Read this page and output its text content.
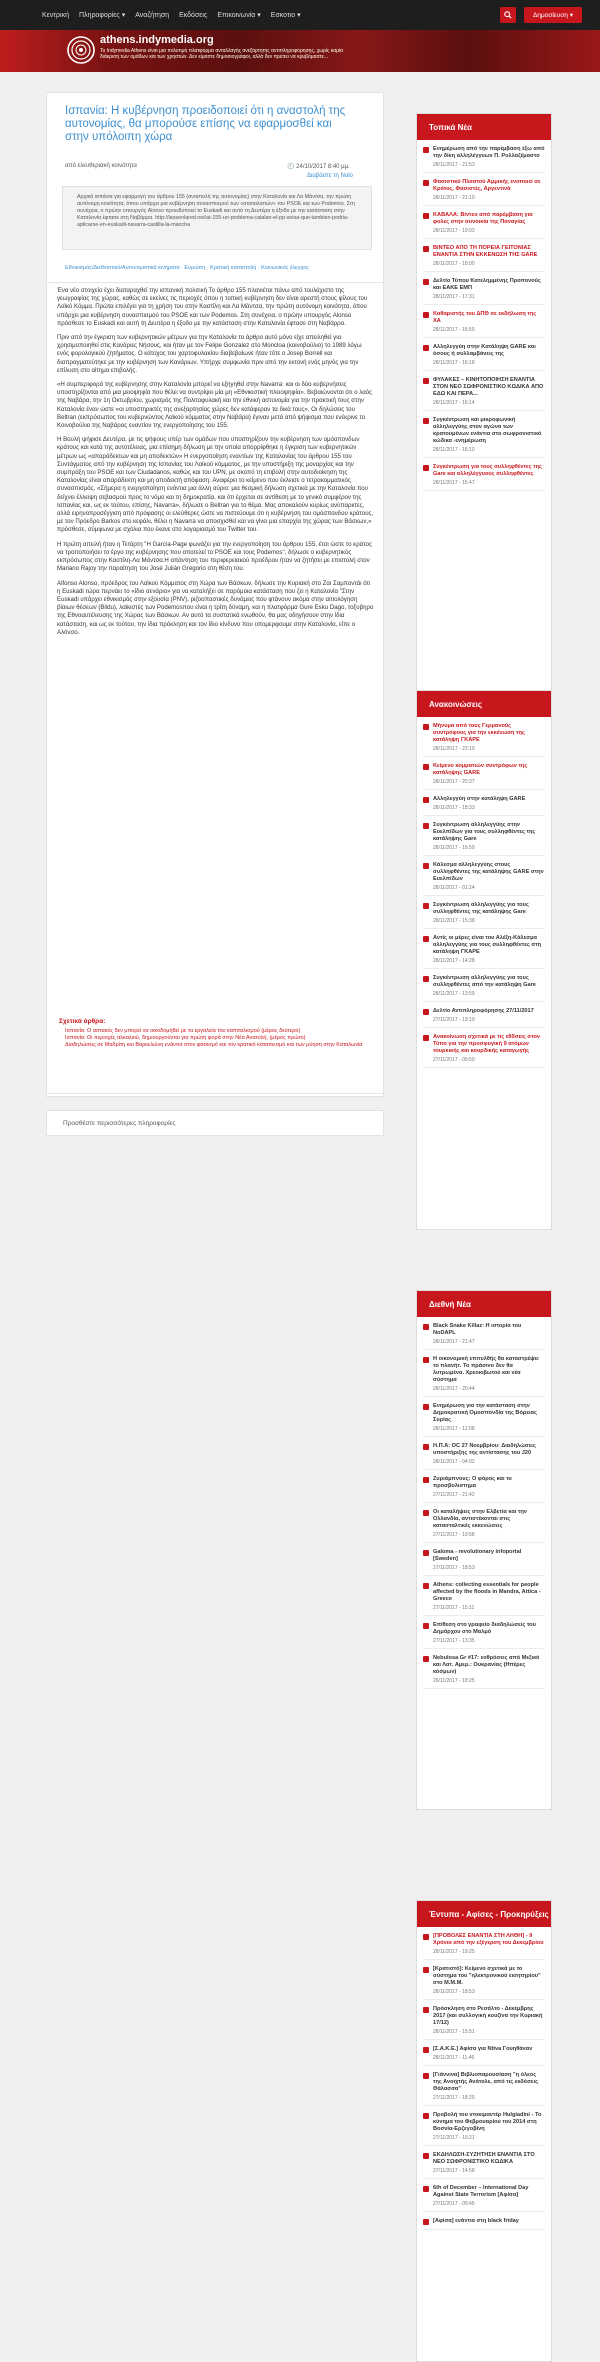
Κεντρική Πληροφορίες ▾ Αναζήτηση Εκδόσεις Επικοινωνία ▾ Εσκοτιο ▾	Δημοσίευση ▾
athens.indymedia.org
Το Indymedia Athens είναι μια πολυτιμή πλατφόρμα ανταλλαγής ανεξάρτητης αντιπληροφόρησης, χωρίς καμία διάκριση των ομάδων και των χρηστών. Δεν είμαστε δημοσιογράφοι, αλλά δεν πρέπει να κρυβόμαστε...
Ισπανία: Η κυβέρνηση προειδοποιεί ότι η αναστολή της αυτονομίας, θα μπορούσε επίσης να εφαρμοσθεί και στην υπόλοιπη χώρα
από ελευθεριακή κοινότητα	🕘 24/10/2017 8:40 μμ.
Διαβάστε τη Νοίο
Αρχικά ισπάνια για εφαρμογή του άρθρου 155 (αναστολή της αυτονομίας) στην Καταλονία και Λα Μάντσα, την πρώτη αυτόνομη κοινότητα, όπου υπάρχει μια κυβέρνηση συνασπισμού των «σοσιαλιστών» του PSOE και των Podemos. Στη συνέχεια, ο πρώην υπουργός Alonso προειδοποιεί το Euskadi και αυτό τη Δευτέρα η έξοδο με την κατάσταση στην Καταλονία έφτασε στη Ναβάρρα. http://laosenlared.net/at-155-un-problema-catalan-el-pp-avisa-que-tambien-podria-aplicarse-en-euskadi-navarra-castilla-la-mancha
Εθνικισμός/Διεθνιστικό/Αυτονομιστικά κινήματα · Ευρώπη · Κρατική καταστολή · Κοινωνικός έλεγχος

Ένα νέο στοιχείο έχει διαταραχθεί την ισπανική πολιτική Το άρθρο 155 πλανιέται πάνω από τουλάχιστο της γεωγραφίας της χώρας, καθώς σε εκείνες τις περιοχές όπου η τοπική κυβέρνηση δεν είναι αρεστή στους φίλους του Λαϊκό Κόμμα. Πρώτα επιλέγει για τη χρήση του στην Καστίλη και Λα Μάντσα, την πρώτη αυτόνομη κοινότητα, όπου υπάρχει μια κυβέρνηση συνασπισμού του PSOE και των Podemos. Στη συνέχεια, ο πρώην υπουργός Alonso πρόσθεσε το Euskadi και αυτή τη Δευτέρα η έξοδο με την κατάσταση στην Καταλονία έφτασε στη Ναβάρρα.

Πριν από την έγκριση των κυβερνητικών μέτρων για την Καταλονία το άρθρο αυτό μόνο είχε απειληθεί για χρησιμοποιηθεί στις Κανάριες Νήσους, και ήταν με τον Felipe Gonzalez στο Moncloa (κοινοβούλιο) το 1989 λόγω ενός φορολογικού ζητήματος. Ο κάτοχος του χαρτοφυλακίου διαβεβαίωνε ήταν τότε ο Josep Borrell και διαπραγματεύτηκε με την κυβέρνηση των Κανάριων. Υπήρχε συμφωνία πριν από την εκτονή ενός μηνός για την επίλυση στο αίτημα επιβολής.

«Η συμπεριφορά της κυβέρνησης στην Καταλονία μπορεί να εξηγηθεί στην Navarra: και οι δύο κυβερνήσεις υποστηρίζονται από μια μειοψηφία που θέλει να συντρίψει μία μη «Εθνικιστική πλειοψηφία». Βεβαιώνονται ότι ο λαός της Ναβάρα, την 1η Οκτωβρίου, χωρισμός της Πολιτοφυλακή και την εθνική αστυνομία για την πρακτική τους στην Καταλονία έναν ώστε «οι υποστηρικτές της ανεξαρτησίας χώρες δεν κατάφεραν τα δικά τους». Οι δηλώσεις του Beltran (εκπρόσωπος του κυβερνώντος Λαϊκού κόμματος στην Ναβάρα) έγιναν μετά από ψήφισμα που ενέκρινε το Κοινοβούλιο της Ναβάρας εναντίον της ενεργοποίησης του 155.

Η Βουλή ψήφισε Δευτέρα, με τις ψήφους υπέρ των ομάδων που υποστηρίζουν την κυβέρνηση των ομόσπονδων κράτους και κατά της αυτοτέλειας, μια επίσημη δήλωση με την οποία απορρίφθηκε η έγκριση των κυβερνητικών μέτρων ως «απαράδεκτων και μη αποδεκτών» Η ενεργοποίηση εναντίων της Καταλονίας του άρθρου 155 του Συντάγματος από την κυβέρνηση της Ισπανίας του Λαϊκού κόμματος, με την υποστήριξη της μοναρχίας και την συμπράξη του PSOE και των Ciudadanos, καθώς και του UPN, με σκοπό τη επιβολή στην αυτοδιοίκηση της Καταλονίας είναι απαράδεκτη και μη αποδεκτή απόφαση. Αναφέρει το κείμενο που έκλεισε ο τετρακομματικός συνασπισμός. «Σήμερα η ενεργοποίηση ενάντια μια άλλη αύριο: μια θεσμική δήλωση σχετικά με την Καταλονία που δείχνει έλλειψη σεβασμού προς το νόμο και τη δημοκρατία, και ότι έρχεται σε αντίθεση με το γενικό συμφέρον της Ισπανίας και, ως εκ τούτου, επίσης, Navarra», δήλωσε ο Beltran για το θέμα. Μας αποκαλούν κυρίως ανύπαρκτες, αλλά ειρηνοπροσέγγιση από πρόφασης οι ελεύθερες ώστε να πιστεύουμε ότι η κυβέρνηση του ομόσπονδου κράτους, με τον Πρόεδρο Barkos στο κεφάλι, θέλει η Navarra να αποσχισθεί και να γίνει μια επαρχία της χώρας των Βάσκων,» πρόσθεσε, σύμφωνα με σχόλια που έκανε στο λογαριασμό του Twitter του.

Η πρώτη απειλή ήταν η Τετάρτη "Η García-Page φωνάζει για την ενεργοποίηση του άρθρου 155, έτσι ώστε το κράτος να τροποποιήσει το έργο της κυβέρνησης που αποτελεί το PSOE και τους Podemos", δήλωσε ο κυβερνητικός εκπρόσωπος στην Καστίλη-Λα Μάντσα.Η απάντηση του περιφερειακού προέδρου ήταν να ζητήσει με επιστολή στον Mariano Rajoy την παραίτηση του José Julián Gregorio στη θέση του.

Alfonso Alonso, πρόεδρος του Λαϊκού Κόμματος στη Χώρα των Βάσκων, δήλωσε την Κυριακή στο Zαι Σαμποντάι ότι η Euskadi τώρα περνάει το «ίδιο σενάριο» για να καταλήξει σε παρόμοια κατάσταση που ζει η Καταλονία "Στην Euskadi υπάρχει εθνικισμός στην εξουσία (PNV), ριζοσπαστικές δυνάμεις που φτάνουν ακόμα στην αιτιολόγηση βίαιων θέσεων (Bildu), λαϊκιστές των Podemosπου είναι η τρίτη δύναμη, και η πλατφόρμα Gure Esku Dago, τοξυβηρο της Εθνοαυτέλευσης της Χώρας των Βάσκων. Αν αυτό τα συστατικά ενωθούν, θα μας οδηγήσουν στην ίδια κατάσταση, και ως εκ τούτου, την ίδια πρόκληση και τον ίδιο κίνδυνο που υπομερφουμε στην Καταλονία, είπε ο Αλόνσο.

Σχετικά άρθρα:
Ισπανία: Ο αστακός δεν μπορεί να οικοδομήθεί με τα εργαλεία του καπιταλισμού (μέρος δεύτερο)
Ισπανία: Οι περιοχές αλκαλιού, δημιουργούνται για πρώτη φορά στην Νέα Ανατολή, (μέρος πρώτο)
Διαδηλώσεις σε Μαδρίτη και Βαρκελώνη ενάντια στον φασισμό και τον κρατικό καταπιεσμό και των μύηση στην Καταλωνία
Προσθέστε περισσότερες πληροφορίες
Τοπικά Νέα
Ενημέρωση από την παρέμβαση έξω από την δίκη αλληλέγγυων Π. Ρολλαζέμαστο
28/11/2017 - 21:53
Φασιστικό Πλαστού Αμμικής ενοποιεί σε Κρότος, Φασιστές, Αργεντινά
28/11/2017 - 21:10
ΚΑΒΑΛΑ: Βίντεο από παρέμβαση για φολες στην συνοικία της Παναγίας
28/11/2017 - 19:03
ΒΙΝΤΕΟ ΑΠΟ ΤΗ ΠΟΡΕΙΑ ΓΕΙΤΟΝΙΑΣ ΕΝΑΝΤΙΑ ΣΤΗΝ ΕΚΚΕΝΩΣΗ ΤΗΣ GARE
28/11/2017 - 18:00
Δελτίο Τύπου Κατελημμένης Προπονούς και ΕΑΚΕ ΕΜΠ
28/11/2017 - 17:31
Καθαριστής του ΔΠΘ σε εκδήλωση της ΧΑ
28/11/2017 - 16:55
Αλληλεγγύη στην Κατάληψη GARE και όσους ή συλλαμβάνεις της
28/11/2017 - 16:18
ΦΥΛΑΚΕΣ – ΚΙΝΗΤΟΠΟΙΗΣΗ ΕΝΑΝΤΙΑ ΣΤΟΝ ΝΕΟ ΣΩΦΡΟΝΙΣΤΙΚΟ ΚΩΔΙΚΑ ΑΠΟ ΕΔΩ ΚΑΙ ΠΕΡΑ...
28/11/2017 - 16:14
Συγκέντρωση και μικροφωνική αλληλεγγύης στον αγώνα των κρατουμένων ενάντια στο σωφρονιστικό κώδικα -ενημέρωση
28/11/2017 - 16:10
Συγκέντρωση για τους συλληφθέντες της Gare και αλληλέγγυους συλληφθέντες
28/11/2017 - 15:47
Ανακοινώσεις
Μήνυμα από τους Γερμανούς συντρόφους για την εκκένωση της κατάληψη ΓΚΑΡΕ
28/11/2017 - 23:19
Κείμενο κομματιών συντρόφων της κατάληψης GARE
28/11/2017 - 20:37
Αλληλεγγύη στην κατάληψη GARE
28/11/2017 - 18:33
Συγκέντρωση αλληλεγγύης στην Ευελπίδων για τους συλληφθέντες της κατάληψης Gare
28/11/2017 - 16:59
Κάλεσμα αλληλεγγύης στους συλληφθέντες της κατάληψης GARE στην Ευελπίδων
28/11/2017 - 01:24
Συγκέντρωση αλληλεγγύης για τους συλληφθέντες της κατάληψης Gare
28/11/2017 - 15:38
Αντίς οι μέρες είναι του Αλέξη-Κάλεσμα αλληλεγγύης για τους συλληφθέντες στη κατάληψη ΓΚΑΡΕ
28/11/2017 - 14:28
Συγκέντρωση αλληλεγγύης για τους συλληφθέντες από την κατάληψη Gare
28/11/2017 - 13:59
Δελτίο Αντιπληροφόρησης 27/11/2017
27/11/2017 - 19:19
Ανακοίνωση σχετικά με τις εθδσεις στον Τύπο για την προσφυγική 9 ατόμων τουρκικής και κουρδικής καταγωγής
27/11/2017 - 09:50
Διεθνή Νέα
Black Snake Killaz: Η ιστορία του NoDAPL
28/11/2017 - 21:47
Η οικονομική επιτυλθής θα καταστρέψει το πλανήτ. Το πράσινο δεν θα λυτρωμένα. Χρεοκιβωτού και νέα σύστημα
28/11/2017 - 20:44
Ενημέρωση για την κατάσταση στην Δημοκρατική Ομοσπονδία της Βόρειας Συρίας
28/11/2017 - 12:08
Η.Π.Α: ΟC 27 Νοεμβρίου: Διαδηλώσεις υποστήριξης της αντίστασης του J20
28/11/2017 - 04:02
Ζυριάμπνους: Ο φόρος και το προσβολιστημα
27/11/2017 - 21:42
Οι καταλήψεις στην Ελβετία και την Ολλανδία, αντιστέκονται στις κατασταλτικές εκκενώσεις
27/11/2017 - 19:58
Galoma - revolutionary infoportal [Sweden]
27/11/2017 - 18:53
Athens: collecting essentials for people affected by the floods in Mandra, Attica - Greece
27/11/2017 - 15:11
Επίθεση στο γραφείο διαδηλώσεις του Δημάρχου στο Μαλμό
27/11/2017 - 13:35
Nebulosa Gr #17: εοθρόσεις από Μεξικό και Λατ. Αμερ.: Ουκρανίας (Ηπέρες κόσμων)
26/11/2017 - 18:25
Έντυπα - Αφίσες - Προκηρύξεις
[ΠΡΟΒΟΛΕΣ ΕΝΑΝΤΙΑ ΣΤΗ ΛΗΘΗ] - 9 Χρόνια από την εξέγερση του Δεκεμβρίου
28/11/2017 - 19:25
[Κρατιστό]: Κείμενο σχετικά με το σύστημα του "ηλεκτρονικού εισητηρίου" στο Μ.Μ.Μ.
28/11/2017 - 18:53
Πρόσκληση στο Ρεσάλτο - Δεκέμβρης 2017 (και συλλογική κουζίνα την Κυριακή 17/12)
28/11/2017 - 15:51
[Σ.Α.Κ.Ε.] Αφίσα για Ntiva Γουηθάναν
28/11/2017 - 11:46
[Γιάννινα] Βιβλιοπαρουσίαση "η όλεος της Ανοιχτής Ανάτολε, από τις εκδόσεις Θάλασσα"
27/11/2017 - 18:25
Προβολή του ντοκιμαντέρ Hulgiadini - Το κύνημα του Φεβρουαρίου του 2014 στη Βοσνία-Ερζεγοβίνη
27/11/2017 - 16:21
ΕΚΔΗΛΩΣΗ-ΣΥΖΗΤΗΣΗ ΕΝΑΝΤΙΑ ΣΤΟ ΝΕΟ ΣΩΦΡΟΝΙΣΤΙΚΟ ΚΩΔΙΚΑ
27/11/2017 - 14:58
6th of December – International Day Against State Terrorism [Αφίσα]
27/11/2017 - 09:45
[Αφίσα] ενάντια στη black friday
